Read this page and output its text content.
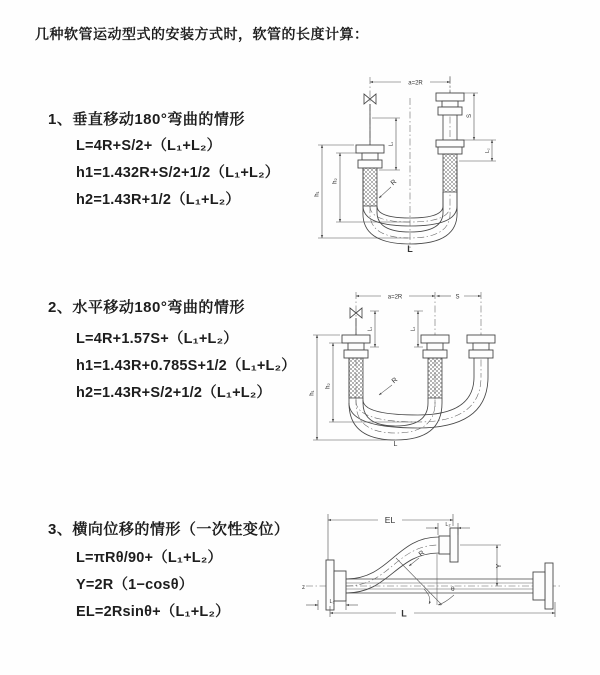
几种软管运动型式的安装方式时，软管的长度计算：
1、垂直移动180°弯曲的情形
L=4R+S/2+（L₁+L₂）
h1=1.432R+S/2+1/2（L₁+L₂）
h2=1.43R+1/2（L₁+L₂）
2、水平移动180°弯曲的情形
L=4R+1.57S+（L₁+L₂）
h1=1.43R+0.785S+1/2（L₁+L₂）
h2=1.43R+S/2+1/2（L₁+L₂）
3、横向位移的情形（一次性变位）
L=πRθ/90+（L₁+L₂）
Y=2R（1−cosθ）
EL=2Rsinθ+（L₁+L₂）
a=2R
h₁
h₂
L₁
S
L₂
R
L
a=2R	S
h₁
h₂
L₁	L₂
R
L
z
EL	L₂
Y
θ
R
L₁
L
